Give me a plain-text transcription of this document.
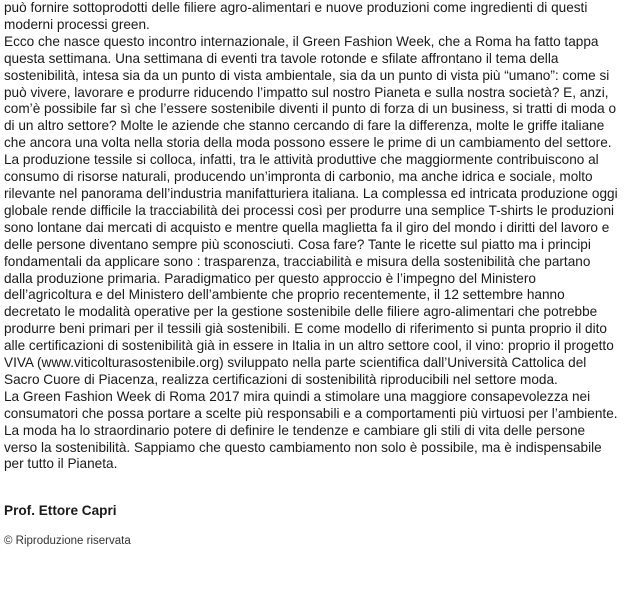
può fornire sottoprodotti delle filiere agro-alimentari e nuove produzioni come ingredienti di questi moderni processi green.

Ecco che nasce questo incontro internazionale, il Green Fashion Week, che a Roma ha fatto tappa questa settimana. Una settimana di eventi tra tavole rotonde e sfilate affrontano il tema della sostenibilità, intesa sia da un punto di vista ambientale, sia da un punto di vista più “umano”: come si può vivere, lavorare e produrre riducendo l’impatto sul nostro Pianeta e sulla nostra società? E, anzi, com’è possibile far sì che l’essere sostenibile diventi il punto di forza di un business, si tratti di moda o di un altro settore? Molte le aziende che stanno cercando di fare la differenza, molte le griffe italiane che ancora una volta nella storia della moda possono essere le prime di un cambiamento del settore.

La produzione tessile si colloca, infatti, tra le attività produttive che maggiormente contribuiscono al consumo di risorse naturali, producendo un’impronta di carbonio, ma anche idrica e sociale, molto rilevante nel panorama dell’industria manifatturiera italiana. La complessa ed intricata produzione oggi globale rende difficile la tracciabilità dei processi così per produrre una semplice T-shirts le produzioni sono lontane dai mercati di acquisto e mentre quella maglietta fa il giro del mondo i diritti del lavoro e delle persone diventano sempre più sconosciuti. Cosa fare? Tante le ricette sul piatto ma i principi fondamentali da applicare sono : trasparenza, tracciabilità e misura della sostenibilità che partano dalla produzione primaria. Paradigmatico per questo approccio è l’impegno del Ministero dell’agricoltura e del Ministero dell’ambiente che proprio recentemente, il 12 settembre hanno decretato le modalità operative per la gestione sostenibile delle filiere agro-alimentari che potrebbe produrre beni primari per il tessili già sostenibili. E come modello di riferimento si punta proprio il dito alle certificazioni di sostenibilità già in essere in Italia in un altro settore cool, il vino: proprio il progetto VIVA (www.viticolturasostenibile.org) sviluppato nella parte scientifica dall’Università Cattolica del Sacro Cuore di Piacenza, realizza certificazioni di sostenibilità riproducibili nel settore moda.

La Green Fashion Week di Roma 2017 mira quindi a stimolare una maggiore consapevolezza nei consumatori che possa portare a scelte più responsabili e a comportamenti più virtuosi per l’ambiente. La moda ha lo straordinario potere di definire le tendenze e cambiare gli stili di vita delle persone verso la sostenibilità. Sappiamo che questo cambiamento non solo è possibile, ma è indispensabile per tutto il Pianeta.

Prof. Ettore Capri

© Riproduzione riservata
